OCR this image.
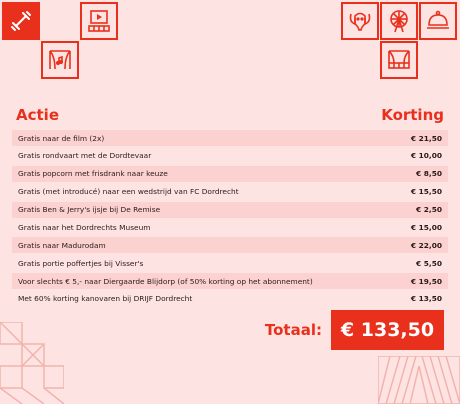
Actie	Korting
Gratis naar de film (2x)	€ 21,50
Gratis rondvaart met de Dordtevaar	€ 10,00
Gratis popcorn met frisdrank naar keuze	€ 8,50
Gratis (met introducé) naar een wedstrijd van FC Dordrecht	€ 15,50
Gratis Ben & Jerry's ijsje bij De Remise	€ 2,50
Gratis naar het Dordrechts Museum	€ 15,00
Gratis naar Madurodam	€ 22,00
Gratis portie poffertjes bij Visser's	€ 5,50
Voor slechts € 5,- naar Diergaarde Blijdorp (of 50% korting op het abonnement)	€ 19,50
Met 60% korting kanovaren bij DRIJF Dordrecht	€ 13,50
Totaal: € 133,50
